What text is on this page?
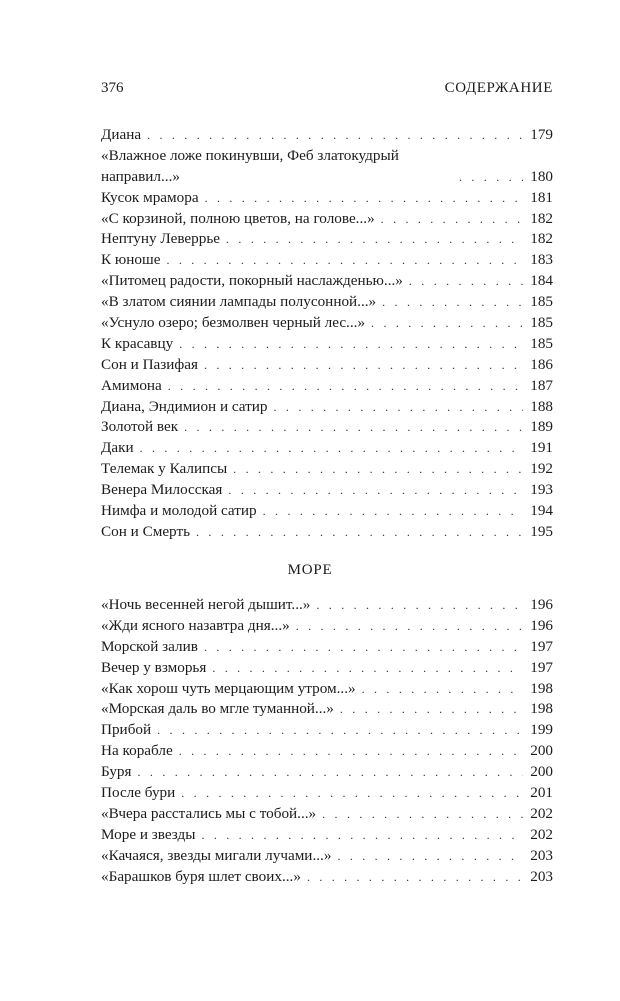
376	СОДЕРЖАНИЕ
Диана . . .	179
«Влажное ложе покинувши, Феб златокудрый направил...» . . .	180
Кусок мрамора . . .	181
«С корзиной, полною цветов, на голове...» . . .	182
Нептуну Леверрье . . .	182
К юноше . . .	183
«Питомец радости, покорный наслажденью...» . . .	184
«В златом сиянии лампады полусонной...» . . .	185
«Уснуло озеро; безмолвен черный лес...» . . .	185
К красавцу . . .	185
Сон и Пазифая . . .	186
Амимона . . .	187
Диана, Эндимион и сатир . . .	188
Золотой век . . .	189
Даки . . .	191
Телемак у Калипсы . . .	192
Венера Милосская . . .	193
Нимфа и молодой сатир . . .	194
Сон и Смерть . . .	195
МОРЕ
«Ночь весенней негой дышит...» . . .	196
«Жди ясного назавтра дня...» . . .	196
Морской залив . . .	197
Вечер у взморья . . .	197
«Как хорош чуть мерцающим утром...» . . .	198
«Морская даль во мгле туманной...» . . .	198
Прибой . . .	199
На корабле . . .	200
Буря . . .	200
После бури . . .	201
«Вчера расстались мы с тобой...» . . .	202
Море и звезды . . .	202
«Качаяся, звезды мигали лучами...» . . .	203
«Барашков буря шлет своих...» . . .	203
